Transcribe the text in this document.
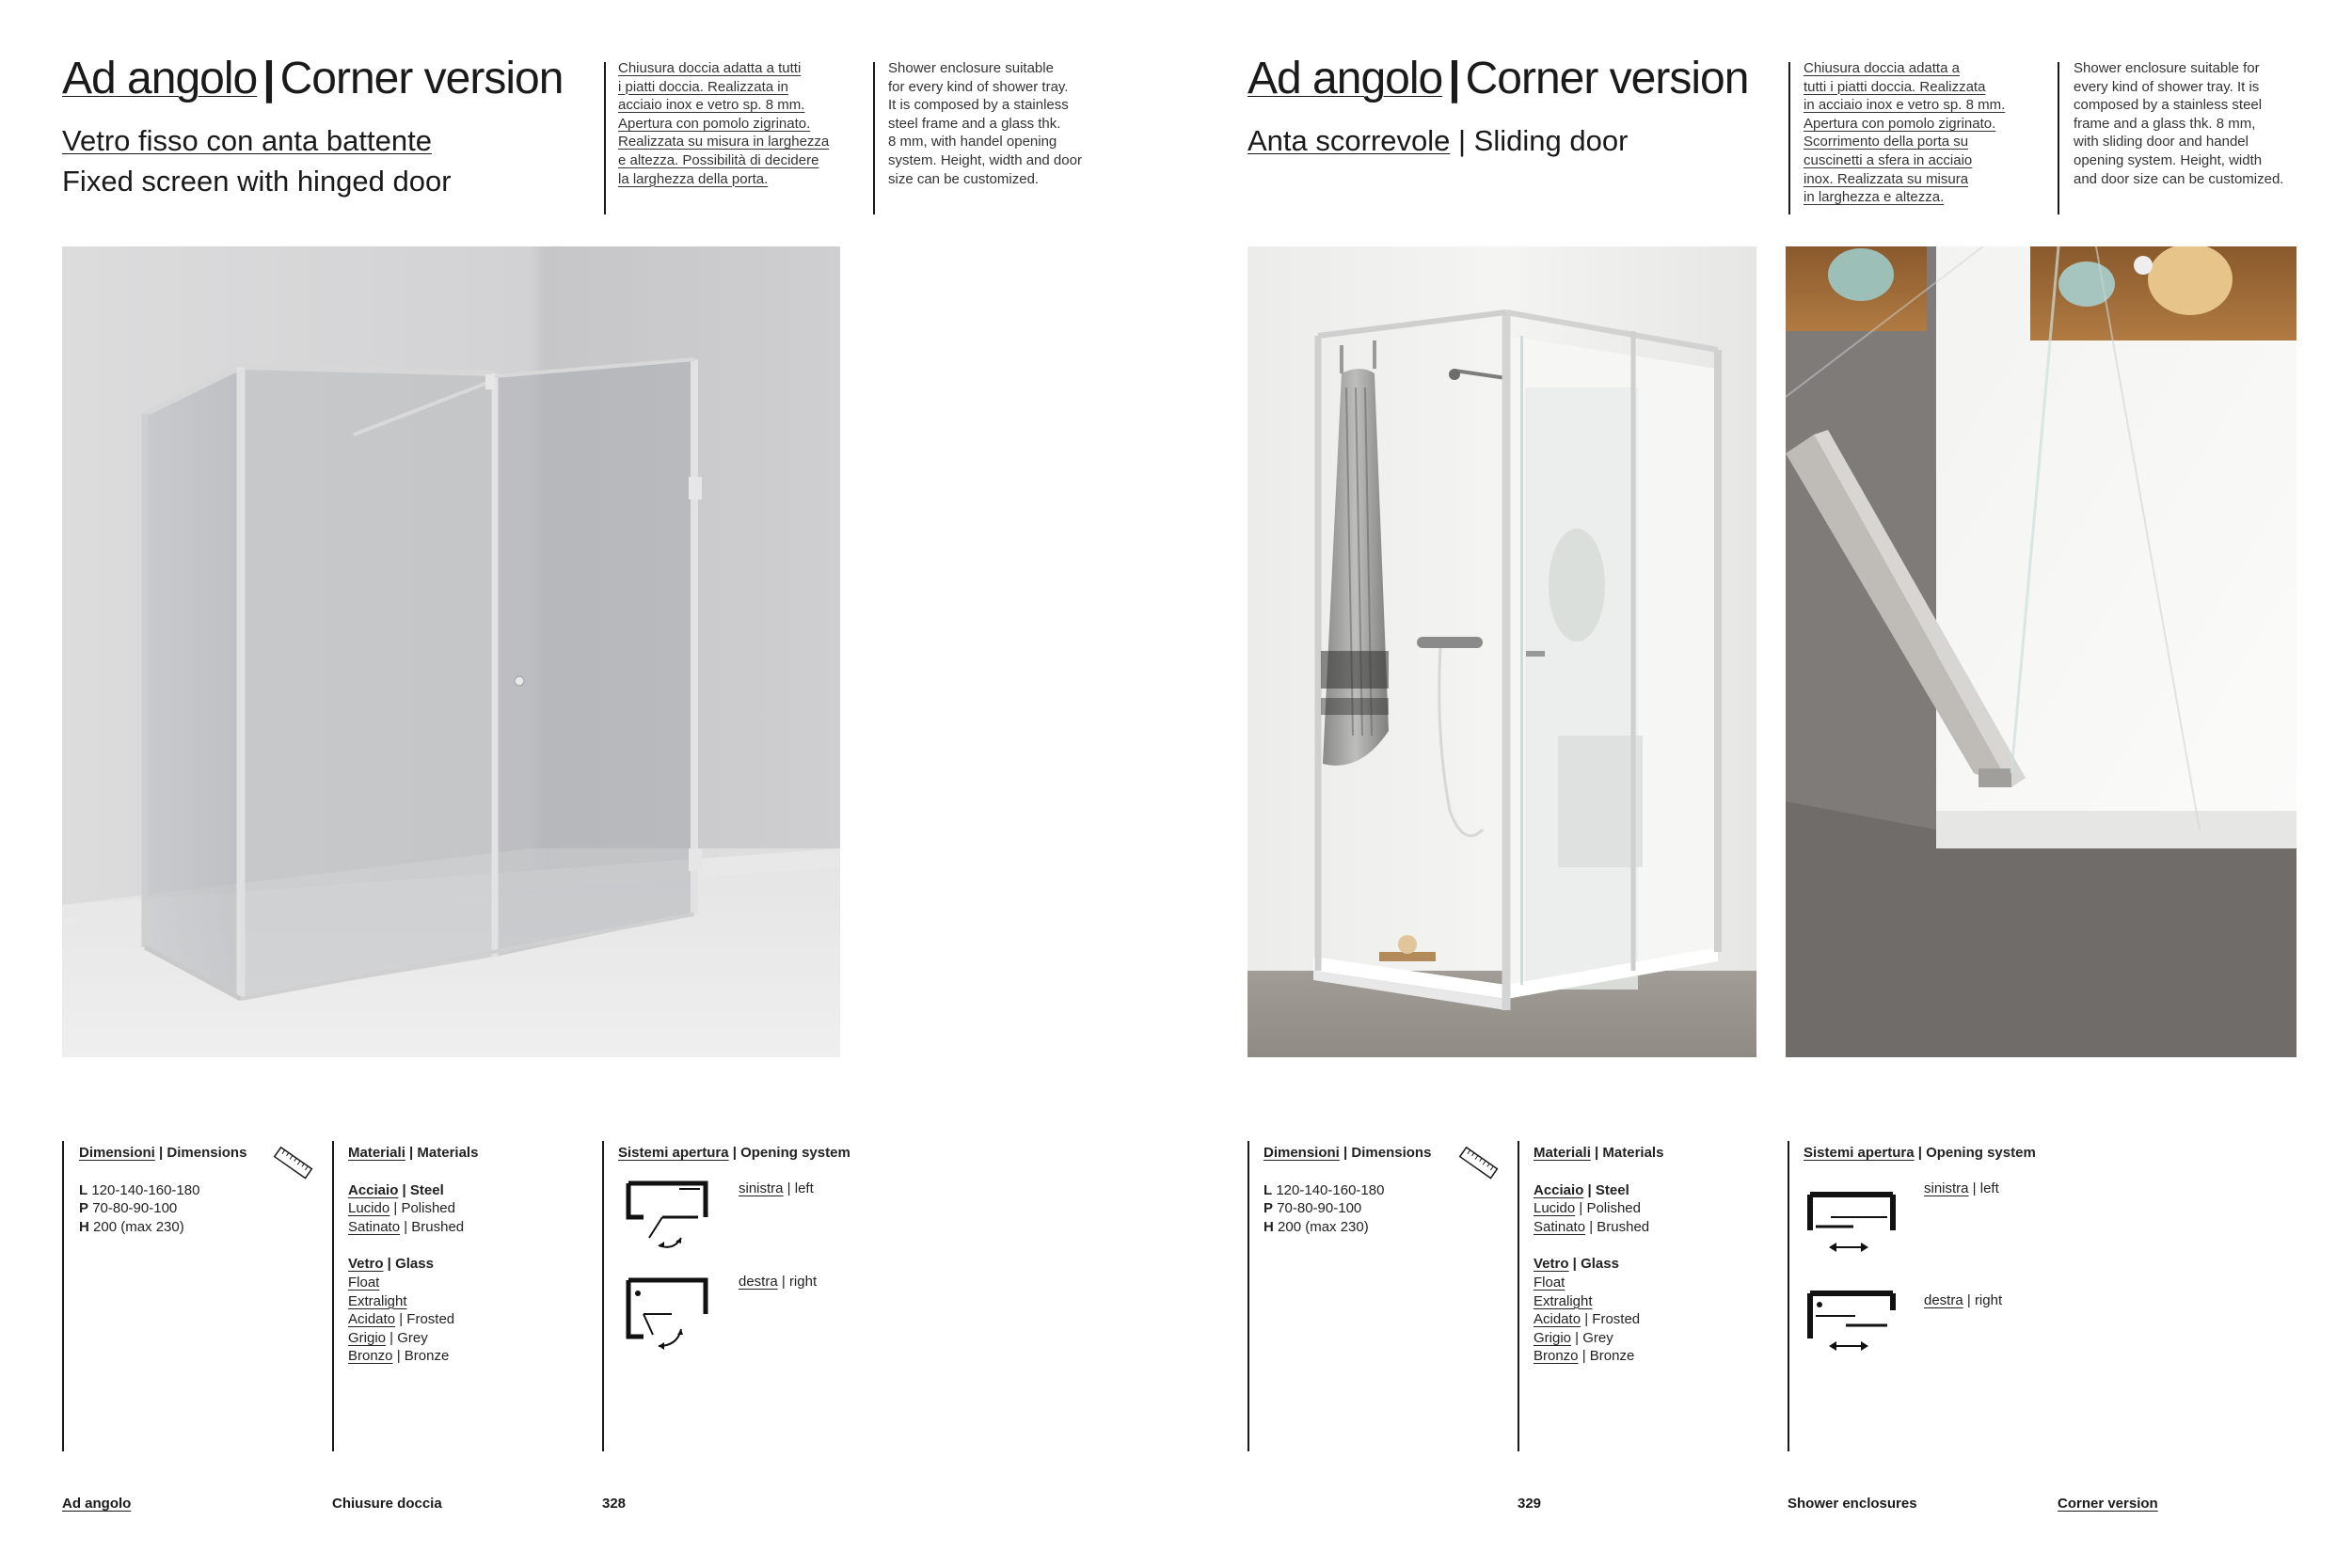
Ad angolo | Corner version
Vetro fisso con anta battente
Fixed screen with hinged door

Chiusura doccia adatta a tutti

i piatti doccia. Realizzata in

acciaio inox e vetro sp. 8 mm.

Apertura con pomolo zigrinato.

Realizzata su misura in larghezza

e altezza. Possibilità di decidere

la larghezza della porta.

Shower enclosure suitable

for every kind of shower tray.

It is composed by a stainless

steel frame and a glass thk.

8 mm, with handel opening

system. Height, width and door

size can be customized.

Dimensioni | Dimensions
L 120-140-160-180
P 70-80-90-100
H 200 (max 230)
Materiali | Materials
Acciaio | Steel
Lucido | Polished
Satinato | Brushed
Vetro | Glass
Float
Extralight
Acidato | Frosted
Grigio | Grey
Bronzo | Bronze
Sistemi apertura | Opening system
sinistra | left
destra | right
Ad angolo	Chiusure doccia	328
Ad angolo | Corner version
Anta scorrevole | Sliding door

Chiusura doccia adatta a

tutti i piatti doccia. Realizzata

in acciaio inox e vetro sp. 8 mm.

Apertura con pomolo zigrinato.

Scorrimento della porta su

cuscinetti a sfera in acciaio

inox. Realizzata su misura

in larghezza e altezza.

Shower enclosure suitable for

every kind of shower tray. It is

composed by a stainless steel

frame and a glass thk. 8 mm,

with sliding door and handel

opening system. Height, width

and door size can be customized.

Dimensioni | Dimensions
L 120-140-160-180
P 70-80-90-100
H 200 (max 230)
Materiali | Materials
Acciaio | Steel
Lucido | Polished
Satinato | Brushed
Vetro | Glass
Float
Extralight
Acidato | Frosted
Grigio | Grey
Bronzo | Bronze
Sistemi apertura | Opening system
sinistra | left
destra | right
329	Shower enclosures	Corner version
